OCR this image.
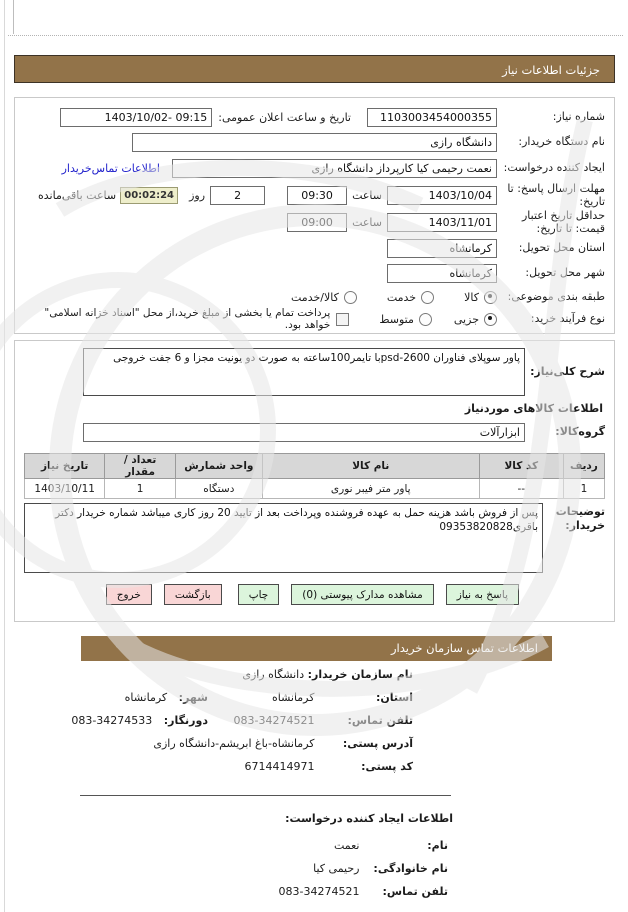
جزئیات اطلاعات نیاز
شماره نیاز:
1103003454000355
تاریخ و ساعت اعلان عمومی:
1403/10/02- 09:15
نام دستگاه خریدار:
دانشگاه رازی
ایجاد کننده درخواست:
نعمت رحیمی کیا کارپرداز دانشگاه رازی
اطلاعات تماس‌خریدار
مهلت ارسال پاسخ: تا تاریخ:
1403/10/04
ساعت
09:30
2
روز
00:02:24
ساعت باقی‌مانده
حداقل تاریخ اعتبار قیمت: تا تاریخ:
1403/11/01
ساعت
09:00
استان محل تحویل:
کرمانشاه
شهر محل تحویل:
کرمانشاه
طبقه بندی موضوعی:
کالا
خدمت
کالا/خدمت
نوع فرآیند خرید:
جزیی
متوسط
پرداخت تمام یا بخشی از مبلغ خرید،از محل "اسناد خزانه اسلامی" خواهد بود.
شرح کلی‌نیاز:
پاور سوپلای فناوران psd-2600با تایمر100ساعته به صورت دو یونیت مجزا و 6 جفت خروجی
اطلاعات کالاهای موردنیاز
گروه‌کالا:
ابزارآلات
ردیف	کد کالا	نام کالا	واحد شمارش	تعداد / مقدار	تاریخ نیاز
1	--	پاور متر فیبر نوری	دستگاه	1	1403/10/11
توضیحات خریدار:
پس از فروش باشد هزینه حمل به عهده فروشنده وپرداخت بعد از تایید 20 روز کاری میباشد شماره خریدار دکتر باقری09353820828
پاسخ به نیاز
مشاهده مدارک پیوستی (0)
چاپ
بازگشت
خروج
اطلاعات تماس سازمان خریدار
نام سازمان خریدار: دانشگاه رازی
استان: کرمانشاه
شهر: کرمانشاه
تلفن تماس: 083-34274521
دورنگار: 083-34274533
آدرس پستی: کرمانشاه-باغ ابریشم-دانشگاه رازی
کد پستی: 6714414971
اطلاعات ایجاد کننده درخواست:
نام: نعمت
نام خانوادگی: رحیمی کیا
تلفن تماس: 083-34274521
